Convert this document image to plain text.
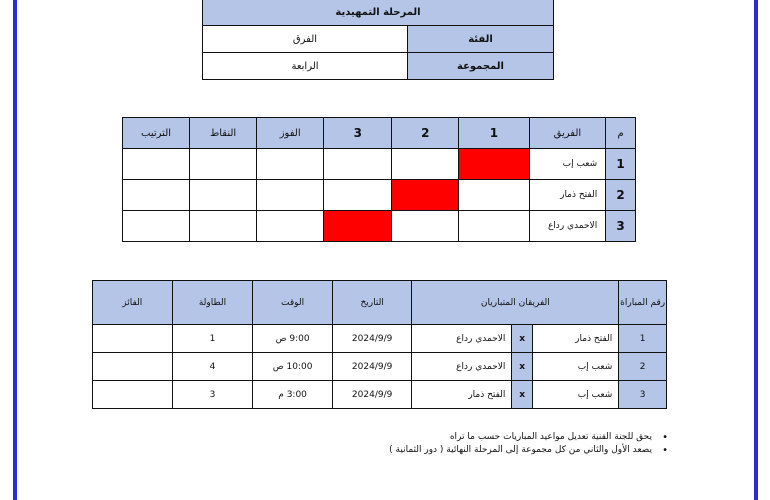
المرحلة التمهيدية	
الفئة	الفرق
المجموعة	الرابعة
م	الفريق	1	2	3	الفوز	النقاط	الترتيب
1	شعب إب						
2	الفتح ذمار						
3	الاحمدي رداع						
رقم المباراة	الفريقان المتباريان			التاريخ	الوقت	الطاولة	الفائز
1	الفتح ذمار	x	الاحمدي رداع	2024/9/9	9:00 ص	1	
2	شعب إب	x	الاحمدي رداع	2024/9/9	10:00 ص	4	
3	شعب إب	x	الفتح ذمار	2024/9/9	3:00 م	3	
• يحق للجنة الفنية تعديل مواعيد المباريات حسب ما تراه
• يصعد الأول والثاني من كل مجموعة إلى المرحلة النهائية ( دور الثمانية )
